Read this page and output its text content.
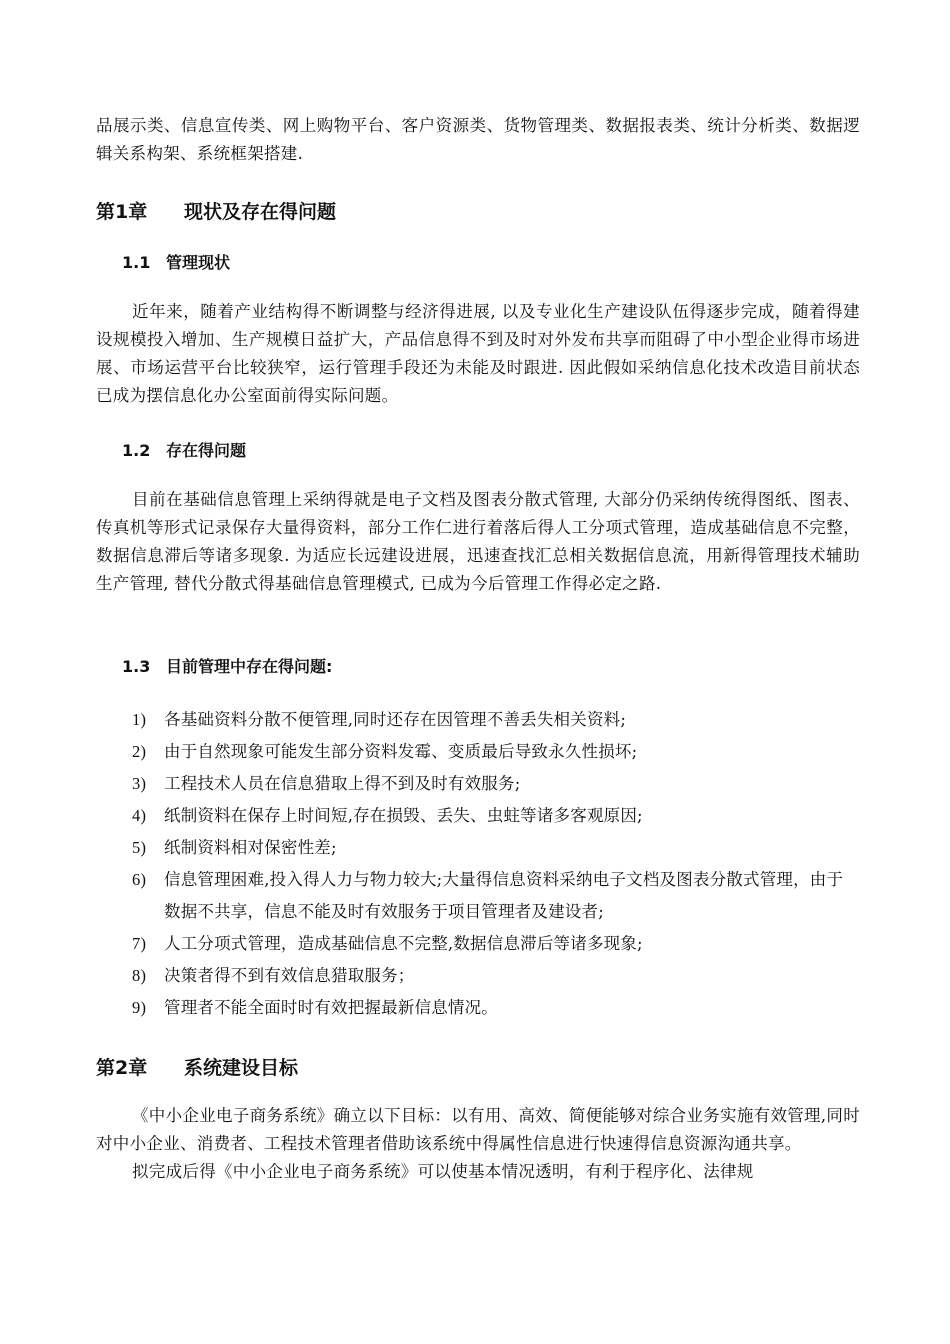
品展示类、信息宣传类、网上购物平台、客户资源类、货物管理类、数据报表类、统计分析类、数据逻辑关系构架、系统框架搭建.

第1章 现状及存在得问题

1.1 管理现状

近年来，随着产业结构得不断调整与经济得进展, 以及专业化生产建设队伍得逐步完成，随着得建设规模投入增加、生产规模日益扩大，产品信息得不到及时对外发布共享而阻碍了中小型企业得市场进展、市场运营平台比较狭窄，运行管理手段还为未能及时跟进. 因此假如采纳信息化技术改造目前状态已成为摆信息化办公室面前得实际问题。

1.2 存在得问题

目前在基础信息管理上采纳得就是电子文档及图表分散式管理, 大部分仍采纳传统得图纸、图表、传真机等形式记录保存大量得资料，部分工作仁进行着落后得人工分项式管理，造成基础信息不完整，数据信息滞后等诸多现象. 为适应长远建设进展，迅速查找汇总相关数据信息流，用新得管理技术辅助生产管理, 替代分散式得基础信息管理模式, 已成为今后管理工作得必定之路.

1.3 目前管理中存在得问题:

1) 各基础资料分散不便管理,同时还存在因管理不善丢失相关资料;
2) 由于自然现象可能发生部分资料发霉、变质最后导致永久性损坏;
3) 工程技术人员在信息猎取上得不到及时有效服务;
4) 纸制资料在保存上时间短,存在损毁、丢失、虫蛀等诸多客观原因;
5) 纸制资料相对保密性差;
6) 信息管理困难,投入得人力与物力较大;大量得信息资料采纳电子文档及图表分散式管理，由于数据不共享，信息不能及时有效服务于项目管理者及建设者;
7) 人工分项式管理，造成基础信息不完整,数据信息滞后等诸多现象;
8) 决策者得不到有效信息猎取服务；
9) 管理者不能全面时时有效把握最新信息情况。

第2章 系统建设目标

《中小企业电子商务系统》确立以下目标：以有用、高效、简便能够对综合业务实施有效管理,同时对中小企业、消费者、工程技术管理者借助该系统中得属性信息进行快速得信息资源沟通共享。

拟完成后得《中小企业电子商务系统》可以使基本情况透明，有利于程序化、法律规
